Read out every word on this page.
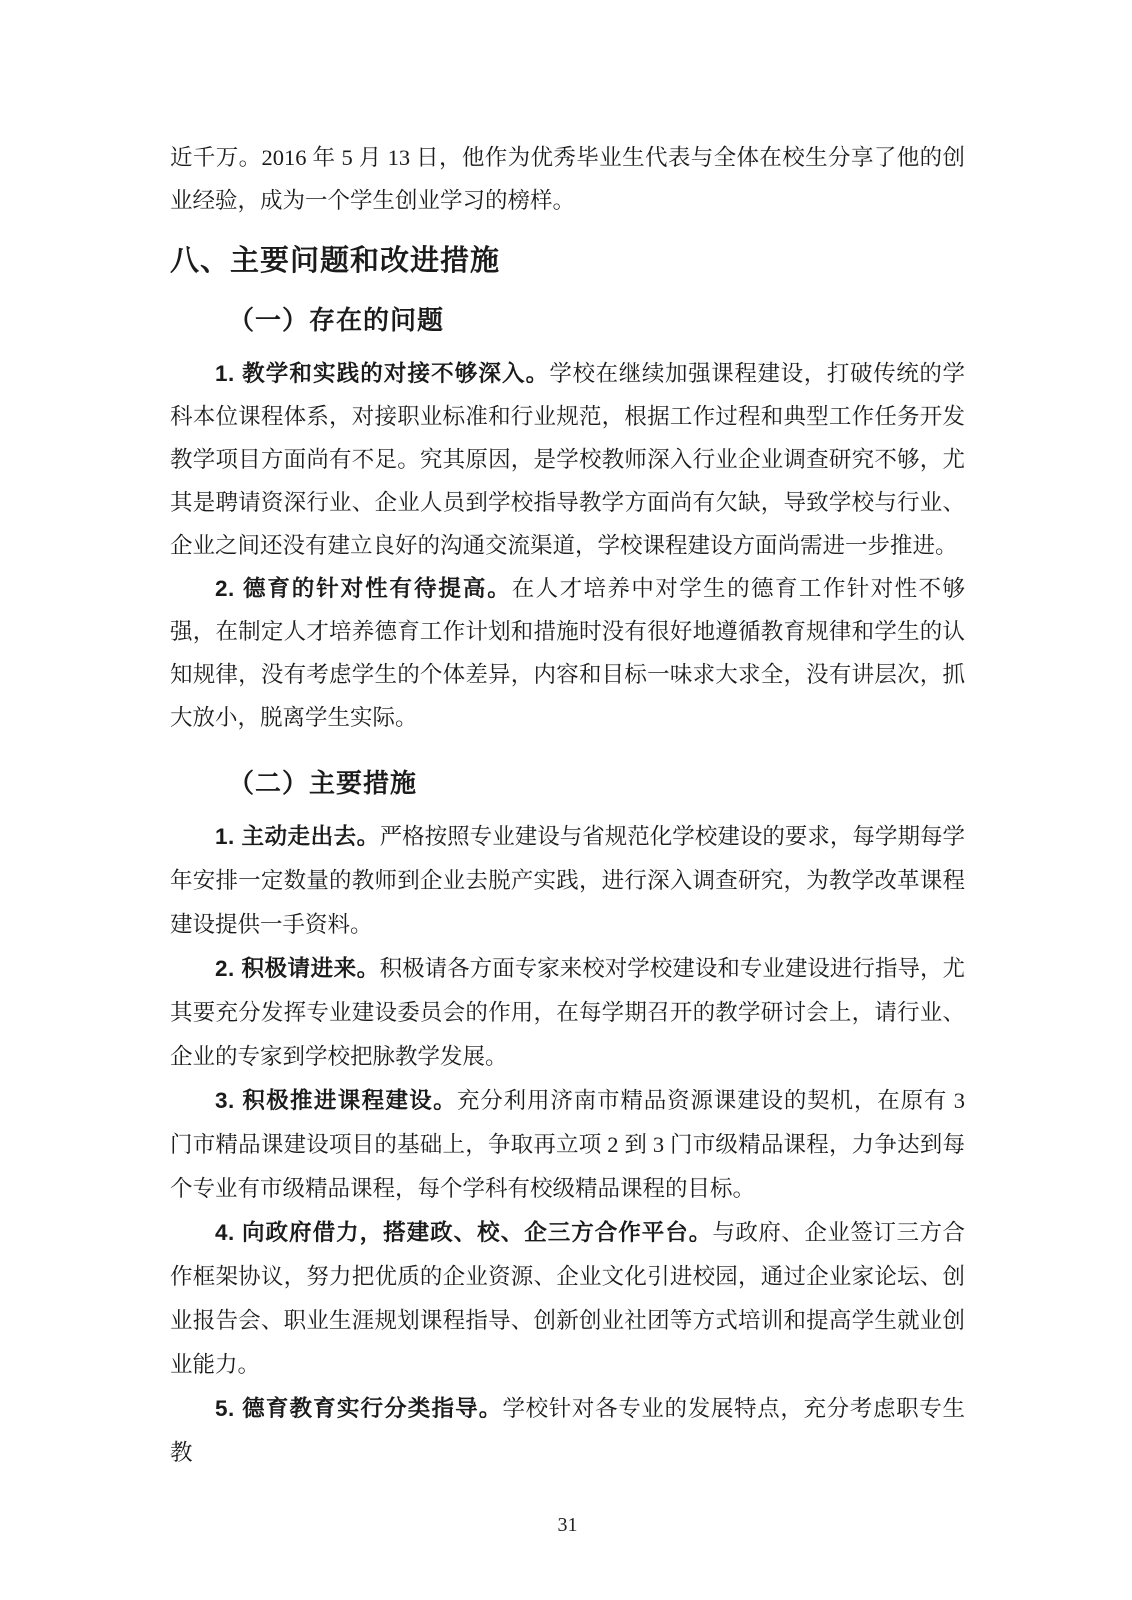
近千万。2016 年 5 月 13 日，他作为优秀毕业生代表与全体在校生分享了他的创业经验，成为一个学生创业学习的榜样。

八、主要问题和改进措施
（一）存在的问题

1. 教学和实践的对接不够深入。学校在继续加强课程建设，打破传统的学科本位课程体系，对接职业标准和行业规范，根据工作过程和典型工作任务开发教学项目方面尚有不足。究其原因，是学校教师深入行业企业调查研究不够，尤其是聘请资深行业、企业人员到学校指导教学方面尚有欠缺，导致学校与行业、企业之间还没有建立良好的沟通交流渠道，学校课程建设方面尚需进一步推进。

2. 德育的针对性有待提高。在人才培养中对学生的德育工作针对性不够强，在制定人才培养德育工作计划和措施时没有很好地遵循教育规律和学生的认知规律，没有考虑学生的个体差异，内容和目标一味求大求全，没有讲层次，抓大放小，脱离学生实际。

（二）主要措施

1. 主动走出去。严格按照专业建设与省规范化学校建设的要求，每学期每学年安排一定数量的教师到企业去脱产实践，进行深入调查研究，为教学改革课程建设提供一手资料。

2. 积极请进来。积极请各方面专家来校对学校建设和专业建设进行指导，尤其要充分发挥专业建设委员会的作用，在每学期召开的教学研讨会上，请行业、企业的专家到学校把脉教学发展。

3. 积极推进课程建设。充分利用济南市精品资源课建设的契机，在原有 3 门市精品课建设项目的基础上，争取再立项 2 到 3 门市级精品课程，力争达到每个专业有市级精品课程，每个学科有校级精品课程的目标。

4. 向政府借力，搭建政、校、企三方合作平台。与政府、企业签订三方合作框架协议，努力把优质的企业资源、企业文化引进校园，通过企业家论坛、创业报告会、职业生涯规划课程指导、创新创业社团等方式培训和提高学生就业创业能力。

5. 德育教育实行分类指导。学校针对各专业的发展特点，充分考虑职专生教

31
